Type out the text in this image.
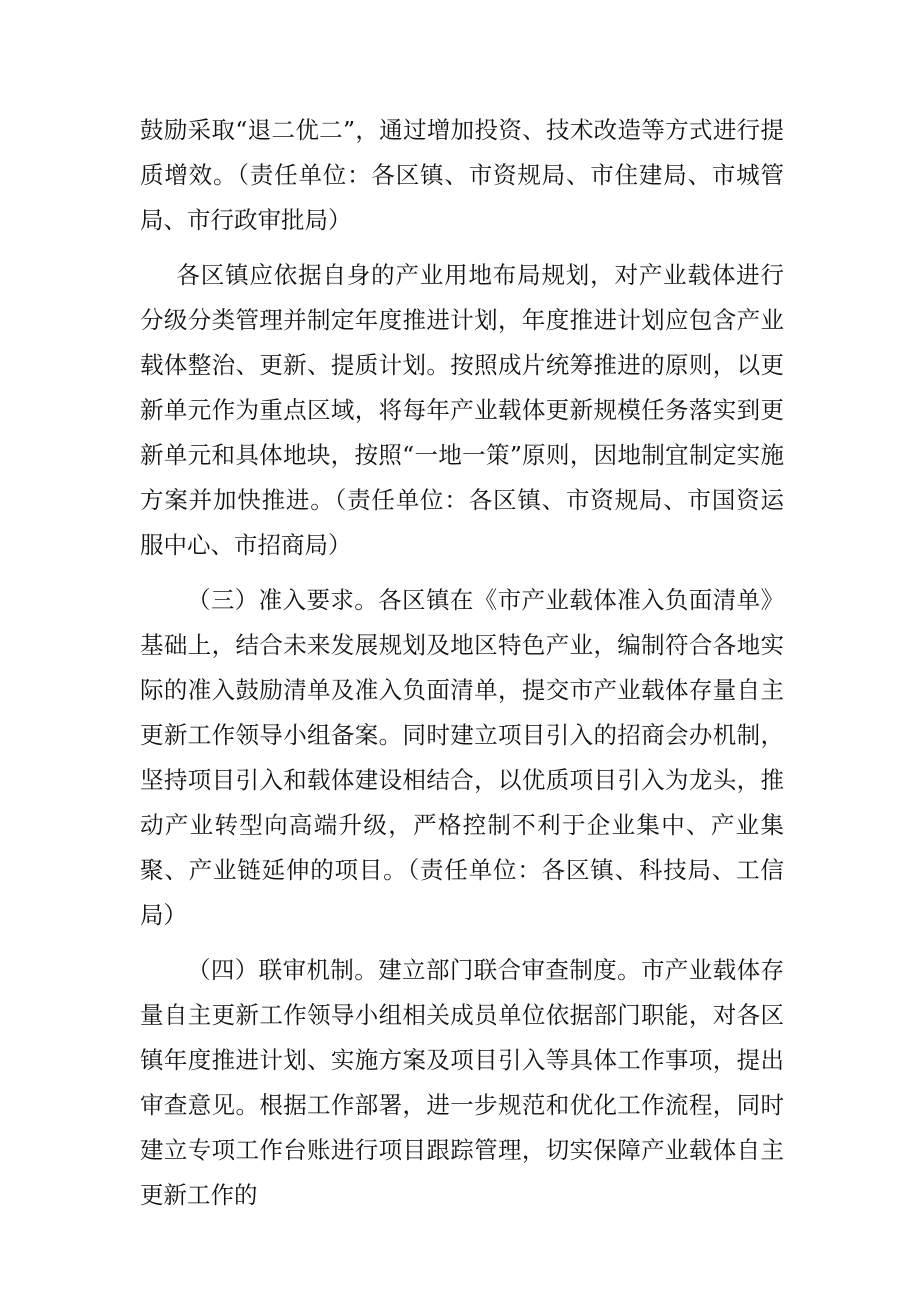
鼓励采取“退二优二”，通过增加投资、技术改造等方式进行提质增效。（责任单位：各区镇、市资规局、市住建局、市城管局、市行政审批局）

各区镇应依据自身的产业用地布局规划，对产业载体进行分级分类管理并制定年度推进计划，年度推进计划应包含产业载体整治、更新、提质计划。按照成片统筹推进的原则，以更新单元作为重点区域，将每年产业载体更新规模任务落实到更新单元和具体地块，按照“一地一策”原则，因地制宜制定实施方案并加快推进。（责任单位：各区镇、市资规局、市国资运服中心、市招商局）

（三）准入要求。各区镇在《市产业载体准入负面清单》基础上，结合未来发展规划及地区特色产业，编制符合各地实际的准入鼓励清单及准入负面清单，提交市产业载体存量自主更新工作领导小组备案。同时建立项目引入的招商会办机制，坚持项目引入和载体建设相结合，以优质项目引入为龙头，推动产业转型向高端升级，严格控制不利于企业集中、产业集聚、产业链延伸的项目。（责任单位：各区镇、科技局、工信局）

（四）联审机制。建立部门联合审查制度。市产业载体存量自主更新工作领导小组相关成员单位依据部门职能，对各区镇年度推进计划、实施方案及项目引入等具体工作事项，提出审查意见。根据工作部署，进一步规范和优化工作流程，同时建立专项工作台账进行项目跟踪管理，切实保障产业载体自主更新工作的
